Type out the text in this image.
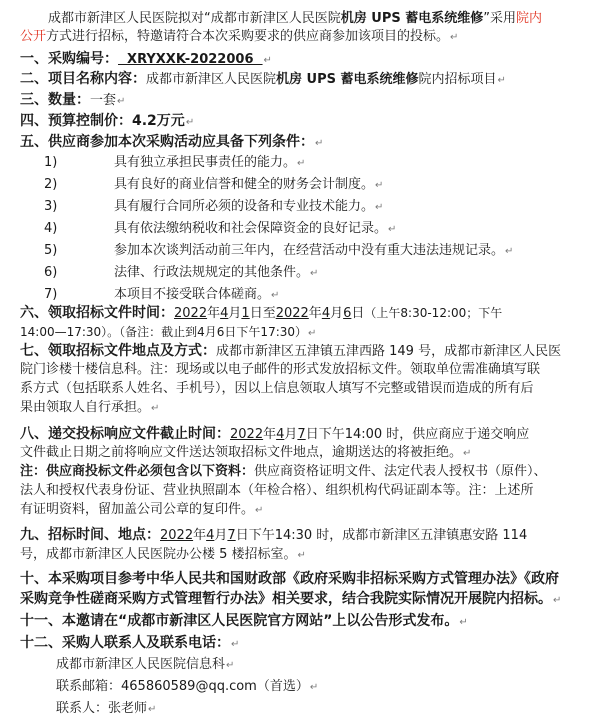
成都市新津区人民医院拟对“成都市新津区人民医院机房 UPS 蓄电系统维修”采用院内
公开方式进行招标，特邀请符合本次采购要求的供应商参加该项目的投标。↵
一、采购编号：  XRYXXK-2022006  ↵
二、项目名称内容：成都市新津区人民医院机房 UPS 蓄电系统维修院内招标项目↵
三、数量：一套↵
四、预算控制价：4.2万元↵
五、供应商参加本次采购活动应具备下列条件：↵
1)	具有独立承担民事责任的能力。↵
2)	具有良好的商业信誉和健全的财务会计制度。↵
3)	具有履行合同所必须的设备和专业技术能力。↵
4)	具有依法缴纳税收和社会保障资金的良好记录。↵
5)	参加本次谈判活动前三年内，在经营活动中没有重大违法违规记录。↵
6)	法律、行政法规规定的其他条件。↵
7)	本项目不接受联合体磋商。↵
六、领取招标文件时间：2022年4月1日至2022年4月6日（上午8:30-12:00；下午
14:00—17:30）。（备注：截止到4月6日下午17:30）↵
七、领取招标文件地点及方式：成都市新津区五津镇五津西路 149 号，成都市新津区人民医
院门诊楼十楼信息科。注：现场或以电子邮件的形式发放招标文件。领取单位需准确填写联
系方式（包括联系人姓名、手机号），因以上信息领取人填写不完整或错误而造成的所有后
果由领取人自行承担。↵
八、递交投标响应文件截止时间：2022年4月7日下午14:00 时，供应商应于递交响应
文件截止日期之前将响应文件送达领取招标文件地点，逾期送达的将被拒绝。↵
注：供应商投标文件必须包含以下资料：供应商资格证明文件、法定代表人授权书（原件）、
法人和授权代表身份证、营业执照副本（年检合格）、组织机构代码证副本等。注：上述所
有证明资料，留加盖公司公章的复印件。↵
九、招标时间、地点：2022年4月7日下午14:30 时，成都市新津区五津镇惠安路 114
号，成都市新津区人民医院办公楼 5 楼招标室。↵
十、本采购项目参考中华人民共和国财政部《政府采购非招标采购方式管理办法》《政府
采购竞争性磋商采购方式管理暂行办法》相关要求，结合我院实际情况开展院内招标。↵
十一、本邀请在“成都市新津区人民医院官方网站”上以公告形式发布。↵
十二、采购人联系人及联系电话：↵
成都市新津区人民医院信息科↵
联系邮箱：465860589@qq.com（首选）↵
联系人：张老师↵
